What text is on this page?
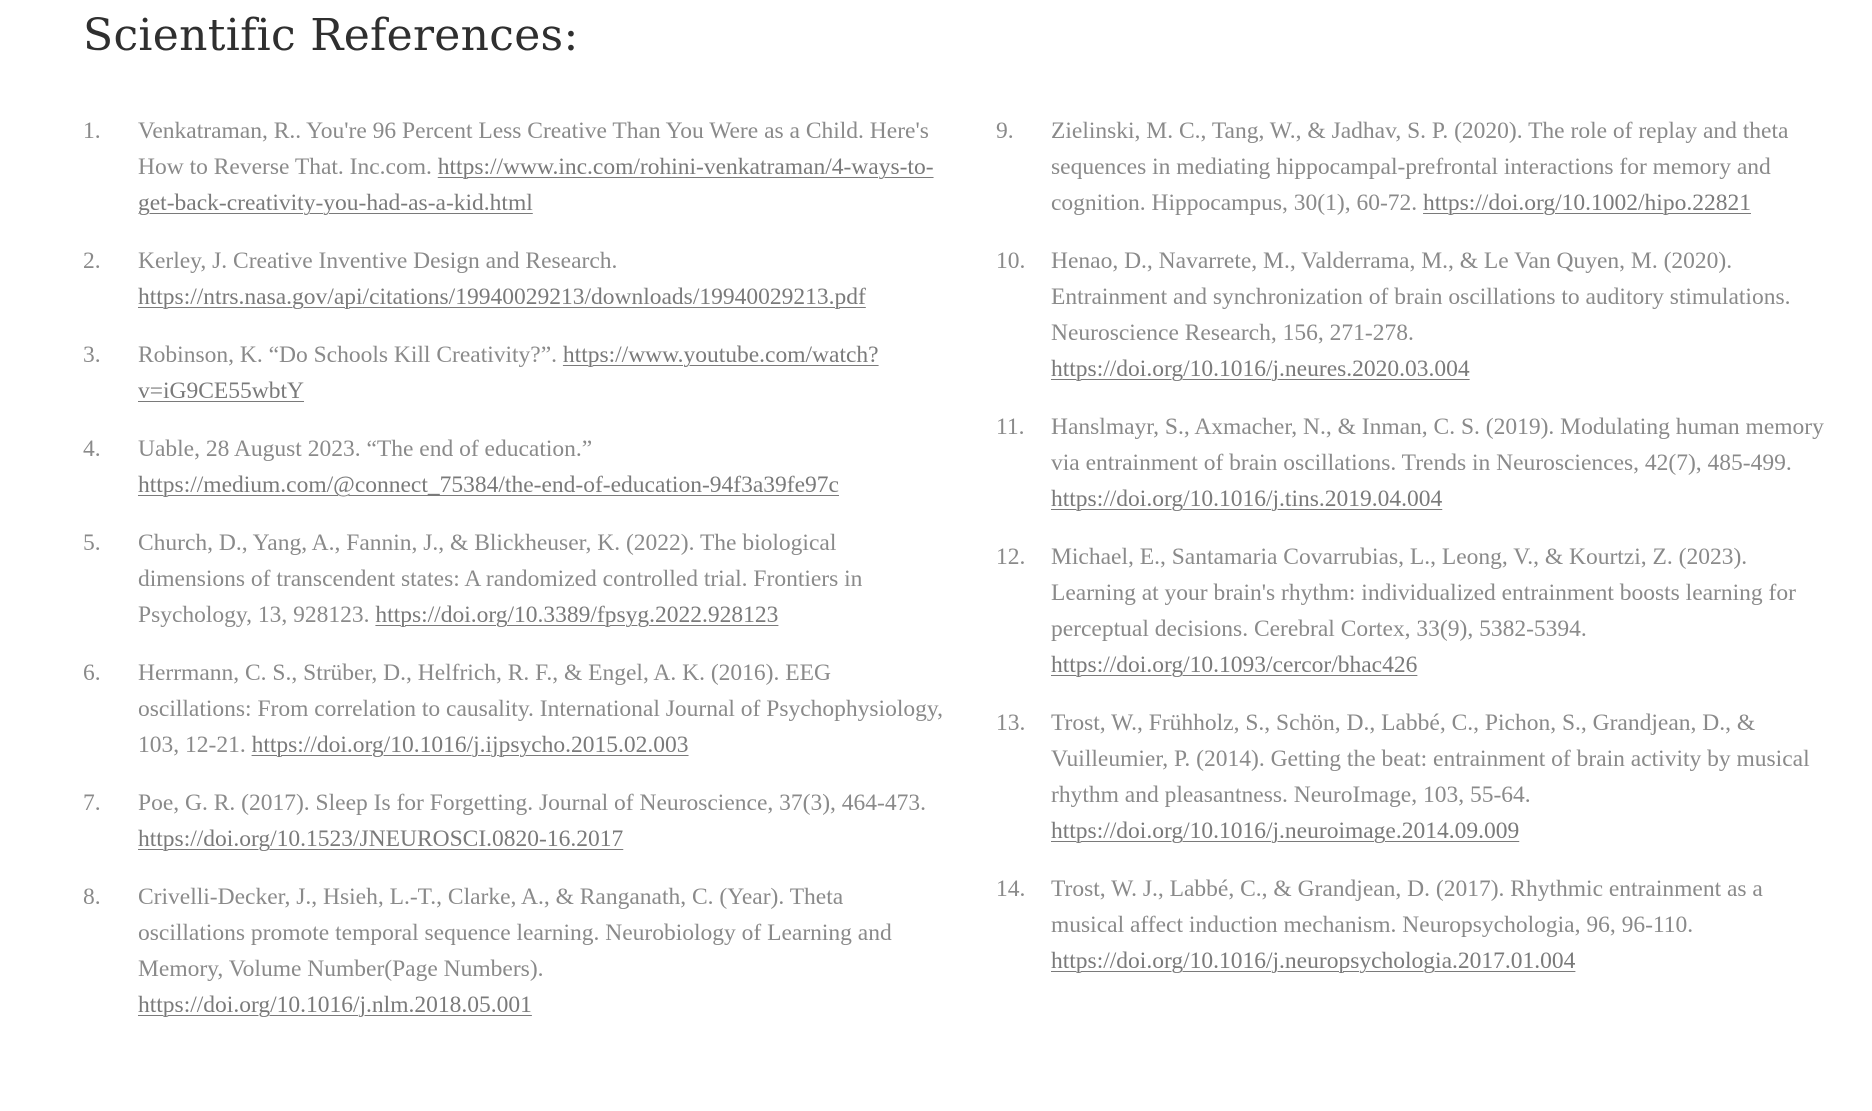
Scientific References:
1. Venkatraman, R.. You're 96 Percent Less Creative Than You Were as a Child. Here's How to Reverse That. Inc.com. https://www.inc.com/rohini-venkatraman/4-ways-to-get-back-creativity-you-had-as-a-kid.html
2. Kerley, J. Creative Inventive Design and Research. https://ntrs.nasa.gov/api/citations/19940029213/downloads/19940029213.pdf
3. Robinson, K. “Do Schools Kill Creativity?”. https://www.youtube.com/watch?v=iG9CE55wbtY
4. Uable, 28 August 2023. “The end of education.” https://medium.com/@connect_75384/the-end-of-education-94f3a39fe97c
5. Church, D., Yang, A., Fannin, J., & Blickheuser, K. (2022). The biological dimensions of transcendent states: A randomized controlled trial. Frontiers in Psychology, 13, 928123. https://doi.org/10.3389/fpsyg.2022.928123
6. Herrmann, C. S., Strüber, D., Helfrich, R. F., & Engel, A. K. (2016). EEG oscillations: From correlation to causality. International Journal of Psychophysiology, 103, 12-21. https://doi.org/10.1016/j.ijpsycho.2015.02.003
7. Poe, G. R. (2017). Sleep Is for Forgetting. Journal of Neuroscience, 37(3), 464-473. https://doi.org/10.1523/JNEUROSCI.0820-16.2017
8. Crivelli-Decker, J., Hsieh, L.-T., Clarke, A., & Ranganath, C. (Year). Theta oscillations promote temporal sequence learning. Neurobiology of Learning and Memory, Volume Number(Page Numbers). https://doi.org/10.1016/j.nlm.2018.05.001
9. Zielinski, M. C., Tang, W., & Jadhav, S. P. (2020). The role of replay and theta sequences in mediating hippocampal-prefrontal interactions for memory and cognition. Hippocampus, 30(1), 60-72. https://doi.org/10.1002/hipo.22821
10. Henao, D., Navarrete, M., Valderrama, M., & Le Van Quyen, M. (2020). Entrainment and synchronization of brain oscillations to auditory stimulations. Neuroscience Research, 156, 271-278. https://doi.org/10.1016/j.neures.2020.03.004
11. Hanslmayr, S., Axmacher, N., & Inman, C. S. (2019). Modulating human memory via entrainment of brain oscillations. Trends in Neurosciences, 42(7), 485-499. https://doi.org/10.1016/j.tins.2019.04.004
12. Michael, E., Santamaria Covarrubias, L., Leong, V., & Kourtzi, Z. (2023). Learning at your brain's rhythm: individualized entrainment boosts learning for perceptual decisions. Cerebral Cortex, 33(9), 5382-5394. https://doi.org/10.1093/cercor/bhac426
13. Trost, W., Frühholz, S., Schön, D., Labbé, C., Pichon, S., Grandjean, D., & Vuilleumier, P. (2014). Getting the beat: entrainment of brain activity by musical rhythm and pleasantness. NeuroImage, 103, 55-64. https://doi.org/10.1016/j.neuroimage.2014.09.009
14. Trost, W. J., Labbé, C., & Grandjean, D. (2017). Rhythmic entrainment as a musical affect induction mechanism. Neuropsychologia, 96, 96-110. https://doi.org/10.1016/j.neuropsychologia.2017.01.004
